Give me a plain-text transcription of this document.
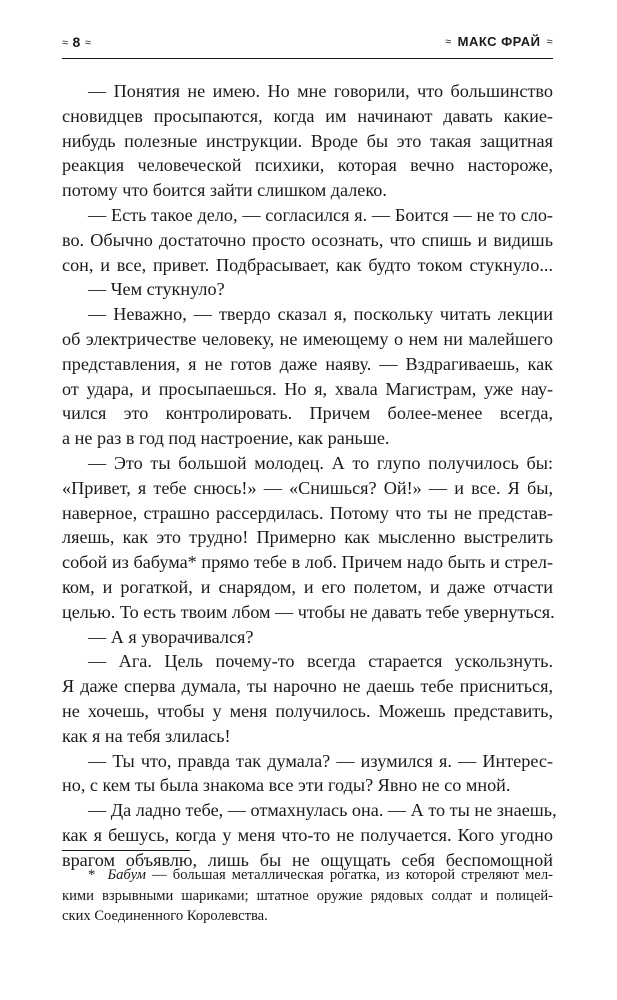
≈ 8 ≈	≈ МАКС ФРАЙ ≈
— Понятия не имею. Но мне говорили, что большинство
сновидцев просыпаются, когда им начинают давать какие-
нибудь полезные инструкции. Вроде бы это такая защитная
реакция человеческой психики, которая вечно настороже,
потому что боится зайти слишком далеко.
— Есть такое дело, — согласился я. — Боится — не то сло-
во. Обычно достаточно просто осознать, что спишь и видишь
сон, и все, привет. Подбрасывает, как будто током стукнуло...
— Чем стукнуло?
— Неважно, — твердо сказал я, поскольку читать лекции
об электричестве человеку, не имеющему о нем ни малейшего
представления, я не готов даже наяву. — Вздрагиваешь, как
от удара, и просыпаешься. Но я, хвала Магистрам, уже нау-
чился это контролировать. Причем более-менее всегда,
а не раз в год под настроение, как раньше.
— Это ты большой молодец. А то глупо получилось бы:
«Привет, я тебе снюсь!» — «Снишься? Ой!» — и все. Я бы,
наверное, страшно рассердилась. Потому что ты не представ-
ляешь, как это трудно! Примерно как мысленно выстрелить
собой из бабума* прямо тебе в лоб. Причем надо быть и стрел-
ком, и рогаткой, и снарядом, и его полетом, и даже отчасти
целью. То есть твоим лбом — чтобы не давать тебе увернуться.
— А я уворачивался?
— Ага. Цель почему-то всегда старается ускользнуть.
Я даже сперва думала, ты нарочно не даешь тебе присниться,
не хочешь, чтобы у меня получилось. Можешь представить,
как я на тебя злилась!
— Ты что, правда так думала? — изумился я. — Интерес-
но, с кем ты была знакома все эти годы? Явно не со мной.
— Да ладно тебе, — отмахнулась она. — А то ты не знаешь,
как я бешусь, когда у меня что-то не получается. Кого угодно
врагом объявлю, лишь бы не ощущать себя беспомощной
* Бабум — большая металлическая рогатка, из которой стреляют мел-
кими взрывными шариками; штатное оружие рядовых солдат и полицей-
ских Соединенного Королевства.
